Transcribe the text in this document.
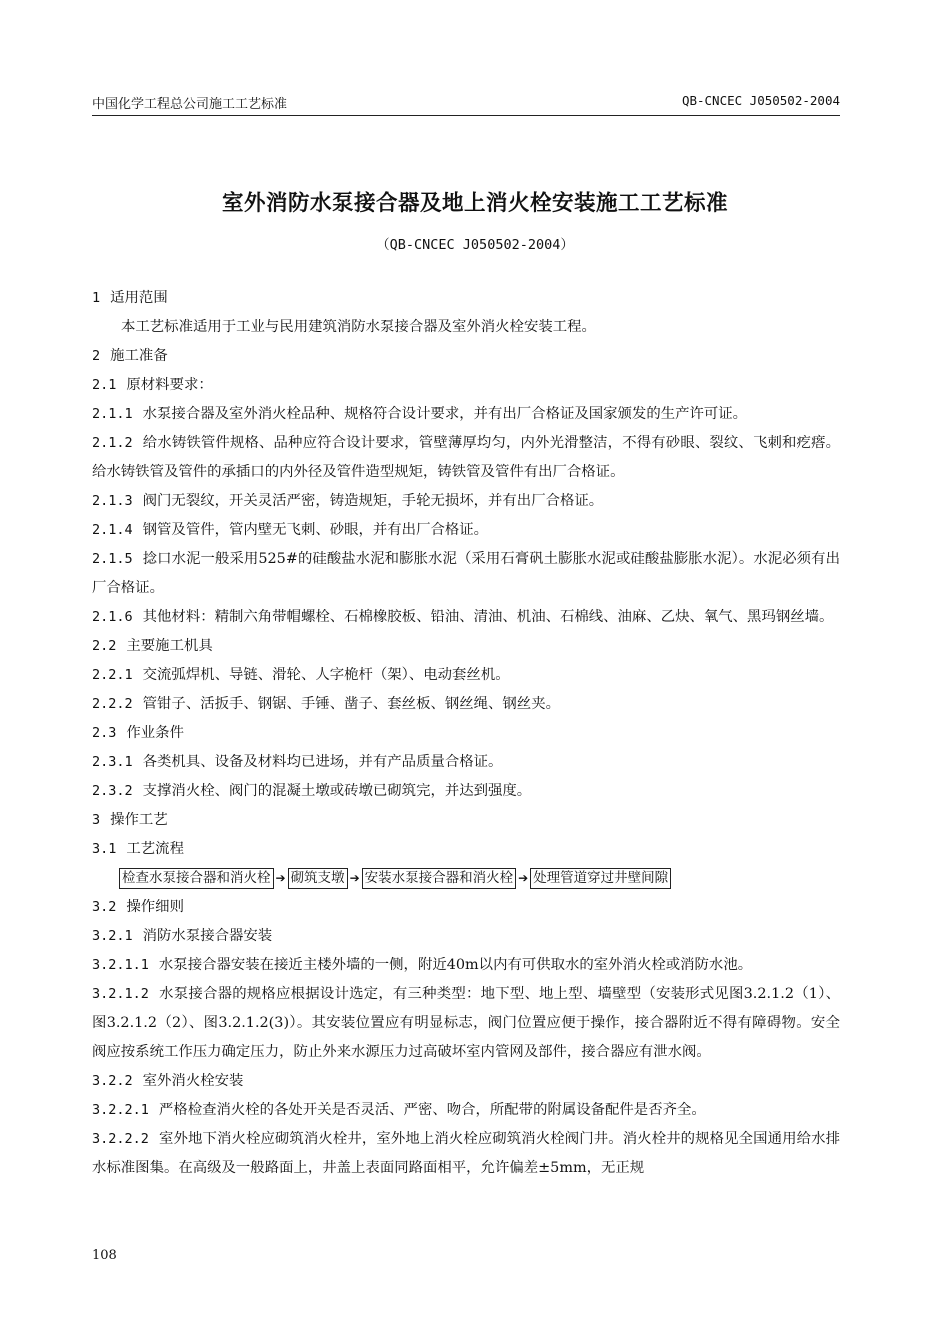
中国化学工程总公司施工工艺标准	QB-CNCEC J050502-2004
室外消防水泵接合器及地上消火栓安装施工工艺标准
（QB-CNCEC J050502-2004）

1 适用范围

本工艺标准适用于工业与民用建筑消防水泵接合器及室外消火栓安装工程。

2 施工准备

2.1 原材料要求：

2.1.1 水泵接合器及室外消火栓品种、规格符合设计要求，并有出厂合格证及国家颁发的生产许可证。

2.1.2 给水铸铁管件规格、品种应符合设计要求，管壁薄厚均匀，内外光滑整洁，不得有砂眼、裂纹、飞刺和疙瘩。给水铸铁管及管件的承插口的内外径及管件造型规矩，铸铁管及管件有出厂合格证。

2.1.3 阀门无裂纹，开关灵活严密，铸造规矩，手轮无损坏，并有出厂合格证。

2.1.4 钢管及管件，管内壁无飞刺、砂眼，并有出厂合格证。

2.1.5 捻口水泥一般采用525#的硅酸盐水泥和膨胀水泥（采用石膏矾土膨胀水泥或硅酸盐膨胀水泥）。水泥必须有出厂合格证。

2.1.6 其他材料：精制六角带帽螺栓、石棉橡胶板、铅油、清油、机油、石棉线、油麻、乙炔、氧气、黑玛钢丝墙。

2.2 主要施工机具

2.2.1 交流弧焊机、导链、滑轮、人字桅杆（架）、电动套丝机。

2.2.2 管钳子、活扳手、钢锯、手锤、凿子、套丝板、钢丝绳、钢丝夹。

2.3 作业条件

2.3.1 各类机具、设备及材料均已进场，并有产品质量合格证。

2.3.2 支撑消火栓、阀门的混凝土墩或砖墩已砌筑完，并达到强度。

3 操作工艺

3.1 工艺流程

检查水泵接合器和消火栓 ➔ 砌筑支墩 ➔ 安装水泵接合器和消火栓 ➔ 处理管道穿过井壁间隙

3.2 操作细则

3.2.1 消防水泵接合器安装

3.2.1.1 水泵接合器安装在接近主楼外墙的一侧，附近40m以内有可供取水的室外消火栓或消防水池。

3.2.1.2 水泵接合器的规格应根据设计选定，有三种类型：地下型、地上型、墙壁型（安装形式见图3.2.1.2（1）、图3.2.1.2（2）、图3.2.1.2(3)）。其安装位置应有明显标志，阀门位置应便于操作，接合器附近不得有障碍物。安全阀应按系统工作压力确定压力，防止外来水源压力过高破坏室内管网及部件，接合器应有泄水阀。

3.2.2 室外消火栓安装

3.2.2.1 严格检查消火栓的各处开关是否灵活、严密、吻合，所配带的附属设备配件是否齐全。

3.2.2.2 室外地下消火栓应砌筑消火栓井，室外地上消火栓应砌筑消火栓阀门井。消火栓井的规格见全国通用给水排水标准图集。在高级及一般路面上，井盖上表面同路面相平，允许偏差±5mm，无正规

108
